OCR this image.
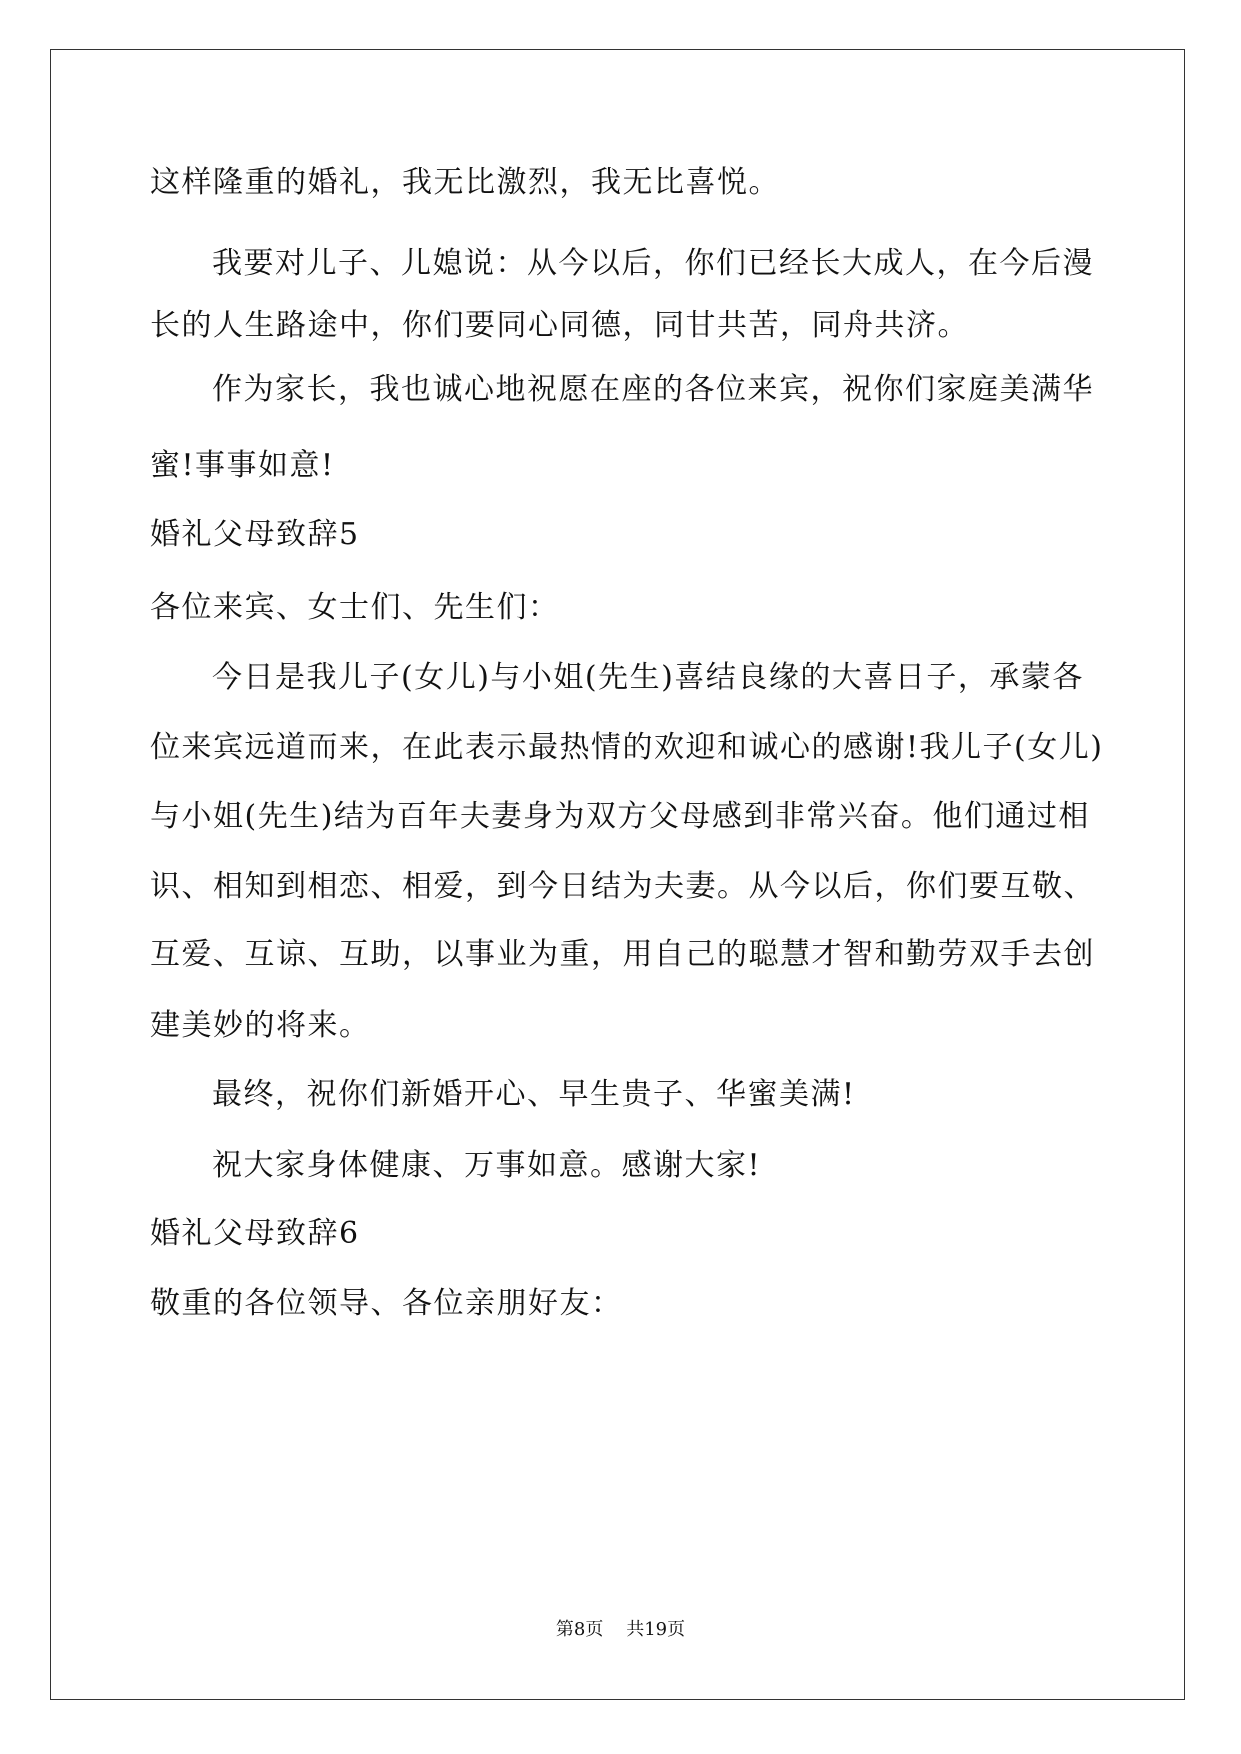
这样隆重的婚礼，我无比激烈，我无比喜悦。
我要对儿子、儿媳说：从今以后，你们已经长大成人，在今后漫
长的人生路途中，你们要同心同德，同甘共苦，同舟共济。
作为家长，我也诚心地祝愿在座的各位来宾，祝你们家庭美满华
蜜!事事如意!
婚礼父母致辞5
各位来宾、女士们、先生们：
今日是我儿子(女儿)与小姐(先生)喜结良缘的大喜日子，承蒙各
位来宾远道而来，在此表示最热情的欢迎和诚心的感谢!我儿子(女儿)
与小姐(先生)结为百年夫妻身为双方父母感到非常兴奋。他们通过相
识、相知到相恋、相爱，到今日结为夫妻。从今以后，你们要互敬、
互爱、互谅、互助，以事业为重，用自己的聪慧才智和勤劳双手去创
建美妙的将来。
最终，祝你们新婚开心、早生贵子、华蜜美满!
祝大家身体健康、万事如意。感谢大家!
婚礼父母致辞6
敬重的各位领导、各位亲朋好友：
第8页 共19页
